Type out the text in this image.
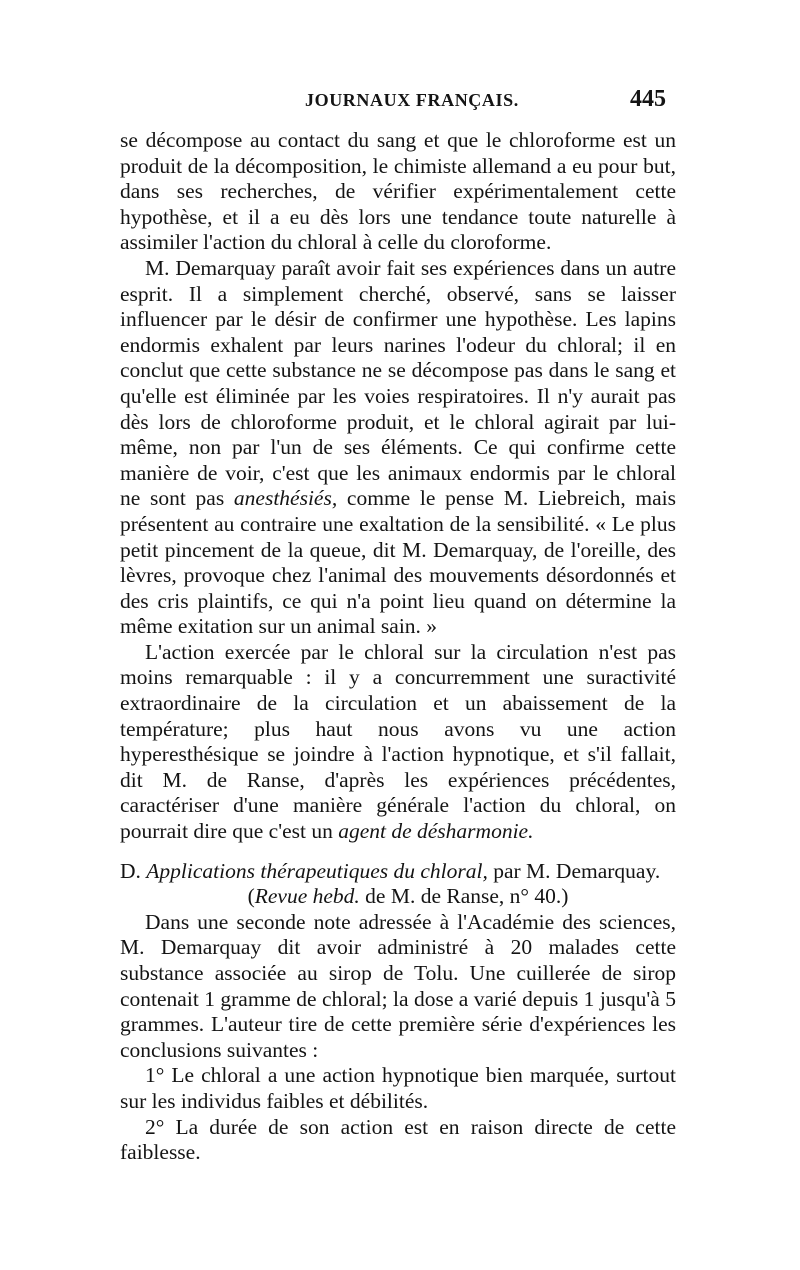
JOURNAUX FRANÇAIS.	445

se décompose au contact du sang et que le chloroforme est un produit de la décomposition, le chimiste allemand a eu pour but, dans ses recherches, de vérifier expérimentalement cette hypothèse, et il a eu dès lors une tendance toute naturelle à assimiler l'action du chloral à celle du cloroforme.

M. Demarquay paraît avoir fait ses expériences dans un autre esprit. Il a simplement cherché, observé, sans se laisser influencer par le désir de confirmer une hypothèse. Les lapins endormis exhalent par leurs narines l'odeur du chloral; il en conclut que cette substance ne se décompose pas dans le sang et qu'elle est éliminée par les voies respiratoires. Il n'y aurait pas dès lors de chloroforme produit, et le chloral agirait par lui-même, non par l'un de ses éléments. Ce qui confirme cette manière de voir, c'est que les animaux endormis par le chloral ne sont pas anesthésiés, comme le pense M. Liebreich, mais présentent au contraire une exaltation de la sensibilité. « Le plus petit pincement de la queue, dit M. Demarquay, de l'oreille, des lèvres, provoque chez l'animal des mouvements désordonnés et des cris plaintifs, ce qui n'a point lieu quand on détermine la même exitation sur un animal sain. »

L'action exercée par le chloral sur la circulation n'est pas moins remarquable : il y a concurremment une suractivité extraordinaire de la circulation et un abaissement de la température; plus haut nous avons vu une action hyperesthésique se joindre à l'action hypnotique, et s'il fallait, dit M. de Ranse, d'après les expériences précédentes, caractériser d'une manière générale l'action du chloral, on pourrait dire que c'est un agent de désharmonie.

D. Applications thérapeutiques du chloral, par M. Demarquay.
(Revue hebd. de M. de Ranse, n° 40.)

Dans une seconde note adressée à l'Académie des sciences, M. Demarquay dit avoir administré à 20 malades cette substance associée au sirop de Tolu. Une cuillerée de sirop contenait 1 gramme de chloral; la dose a varié depuis 1 jusqu'à 5 grammes. L'auteur tire de cette première série d'expériences les conclusions suivantes :

1° Le chloral a une action hypnotique bien marquée, surtout sur les individus faibles et débilités.

2° La durée de son action est en raison directe de cette faiblesse.
